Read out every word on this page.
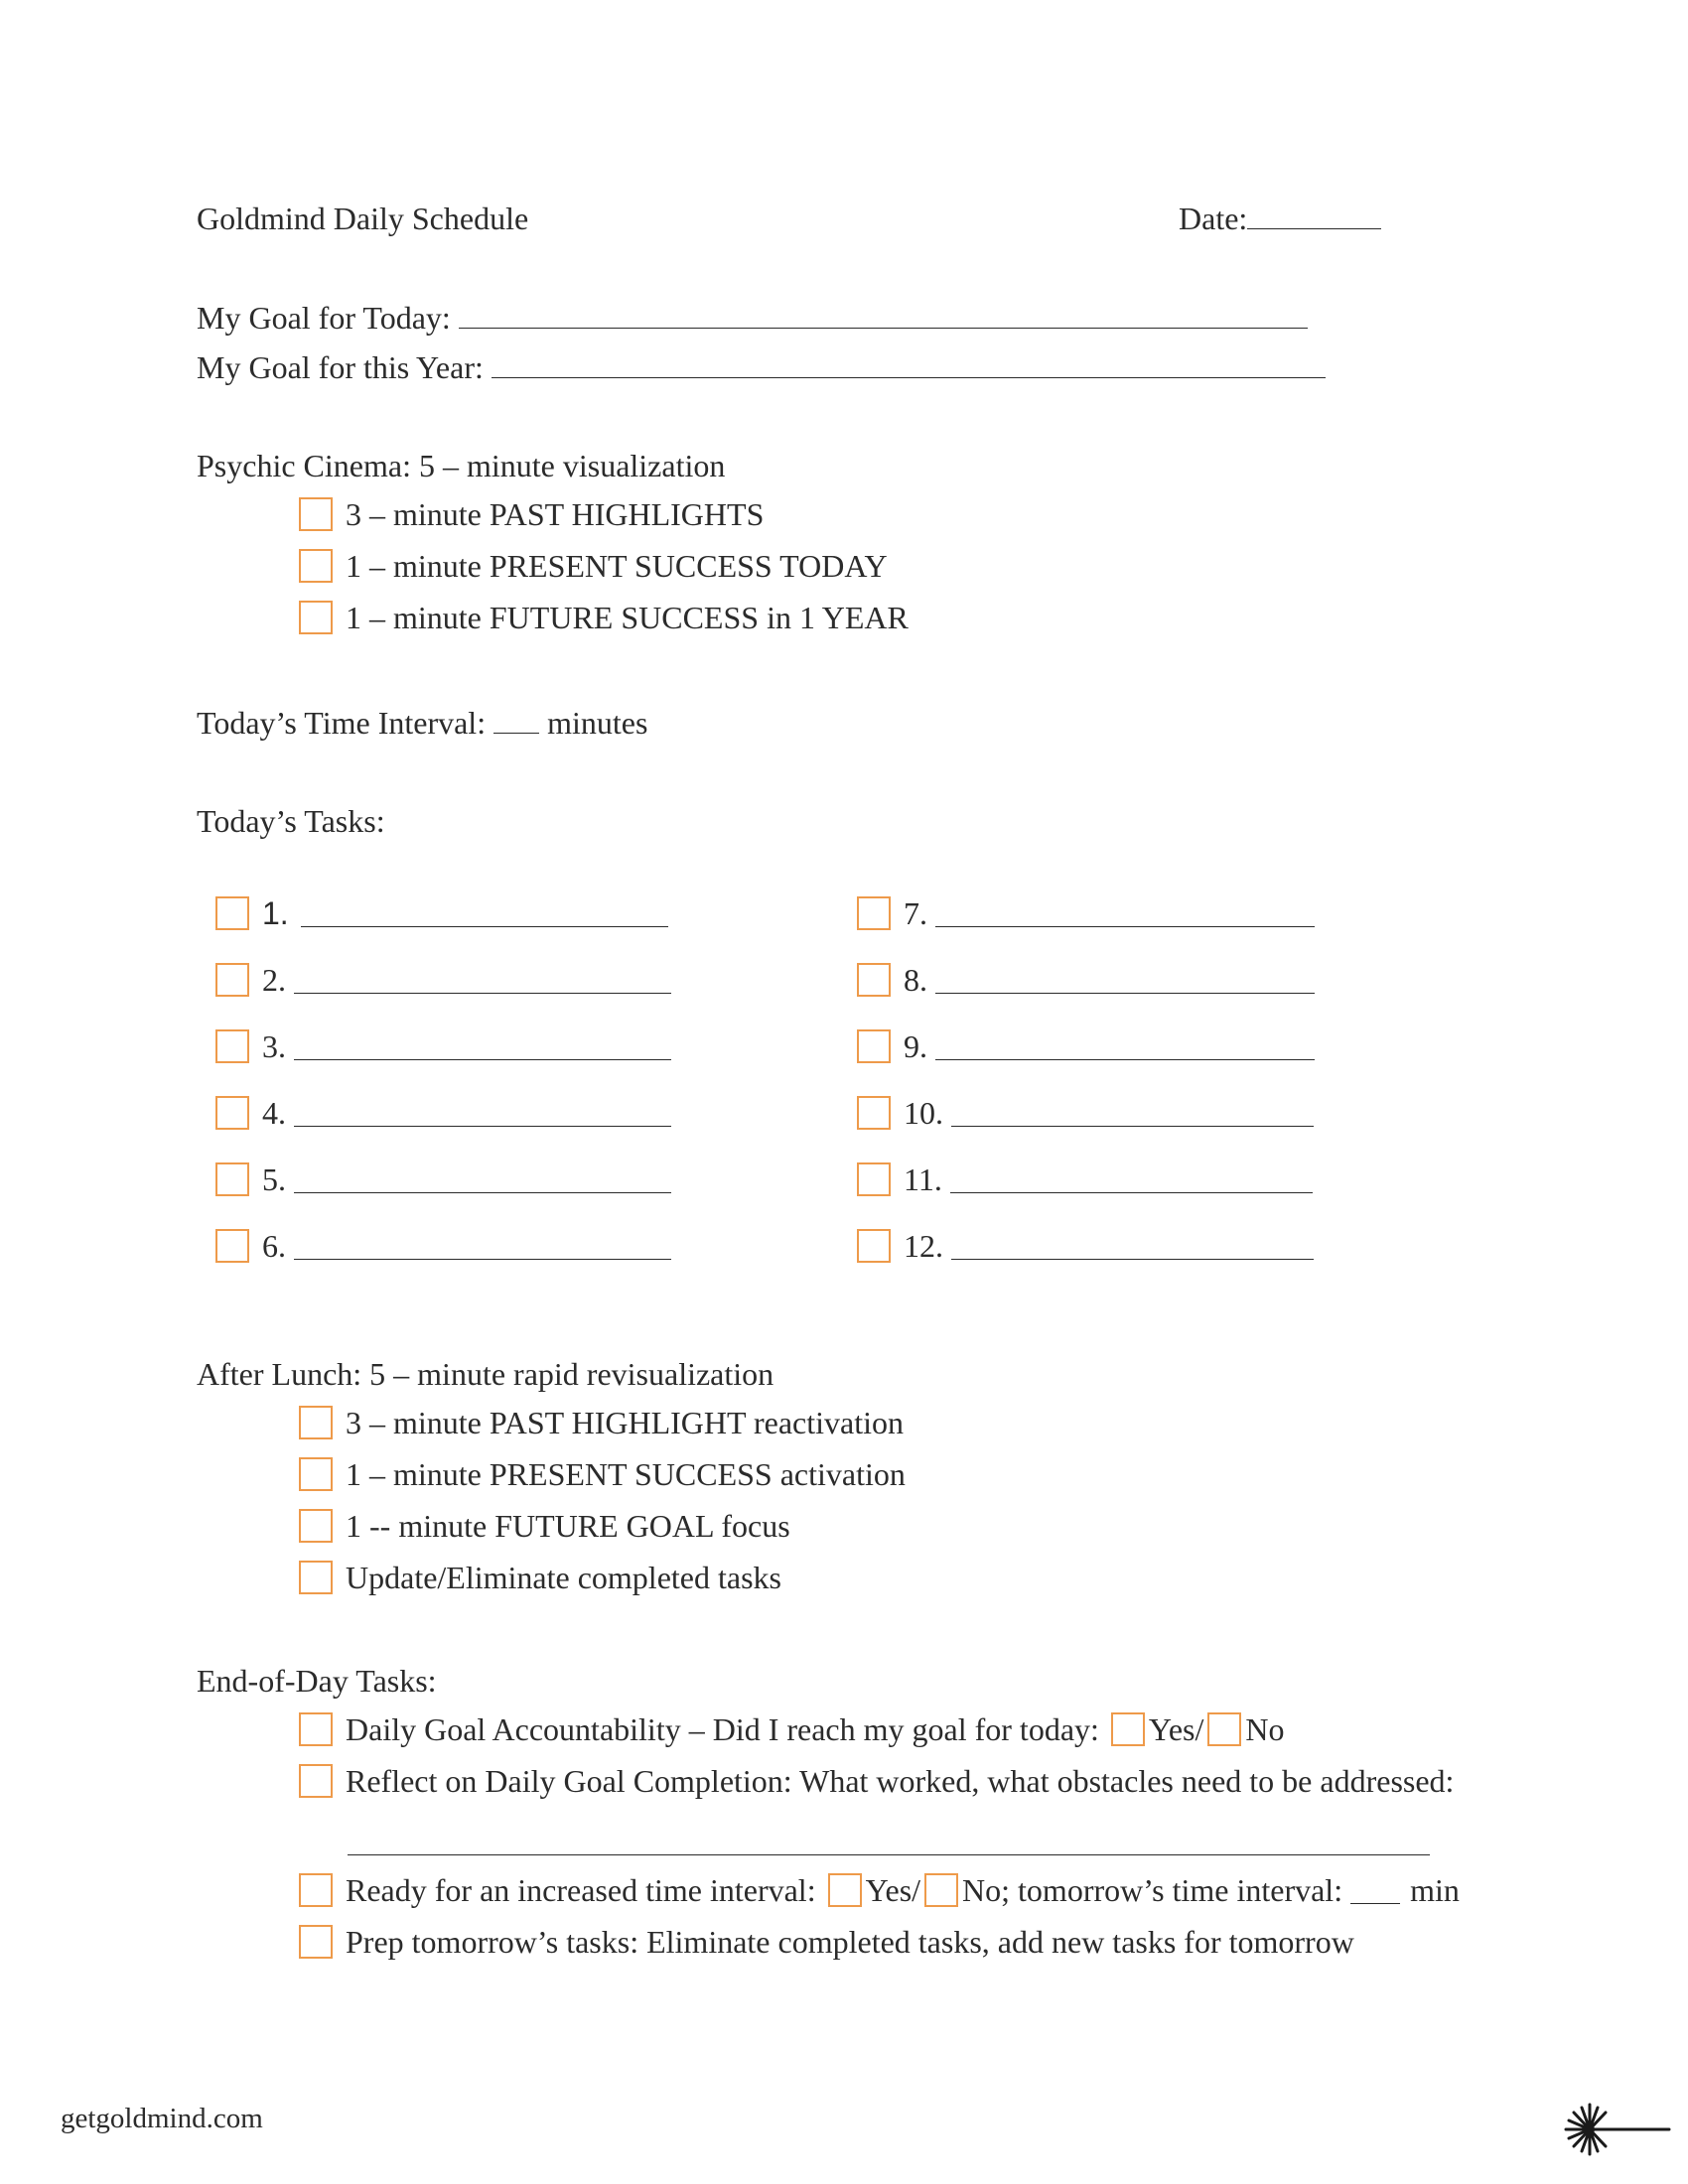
Goldmind Daily Schedule	Date:
My Goal for Today:
My Goal for this Year:
Psychic Cinema: 5 – minute visualization
3 – minute PAST HIGHLIGHTS
1 – minute PRESENT SUCCESS TODAY
1 – minute FUTURE SUCCESS in 1 YEAR
Today’s Time Interval: minutes
Today’s Tasks:
1.
2.
3.
4.
5.
6.
7.
8.
9.
10.
11.
12.
After Lunch: 5 – minute rapid revisualization
3 – minute PAST HIGHLIGHT reactivation
1 – minute PRESENT SUCCESS activation
1 -- minute FUTURE GOAL focus
Update/Eliminate completed tasks
End-of-Day Tasks:
Daily Goal Accountability – Did I reach my goal for today: Yes/ No
Reflect on Daily Goal Completion: What worked, what obstacles need to be addressed:
Ready for an increased time interval: Yes/ No; tomorrow’s time interval: min
Prep tomorrow’s tasks: Eliminate completed tasks, add new tasks for tomorrow
getgoldmind.com
